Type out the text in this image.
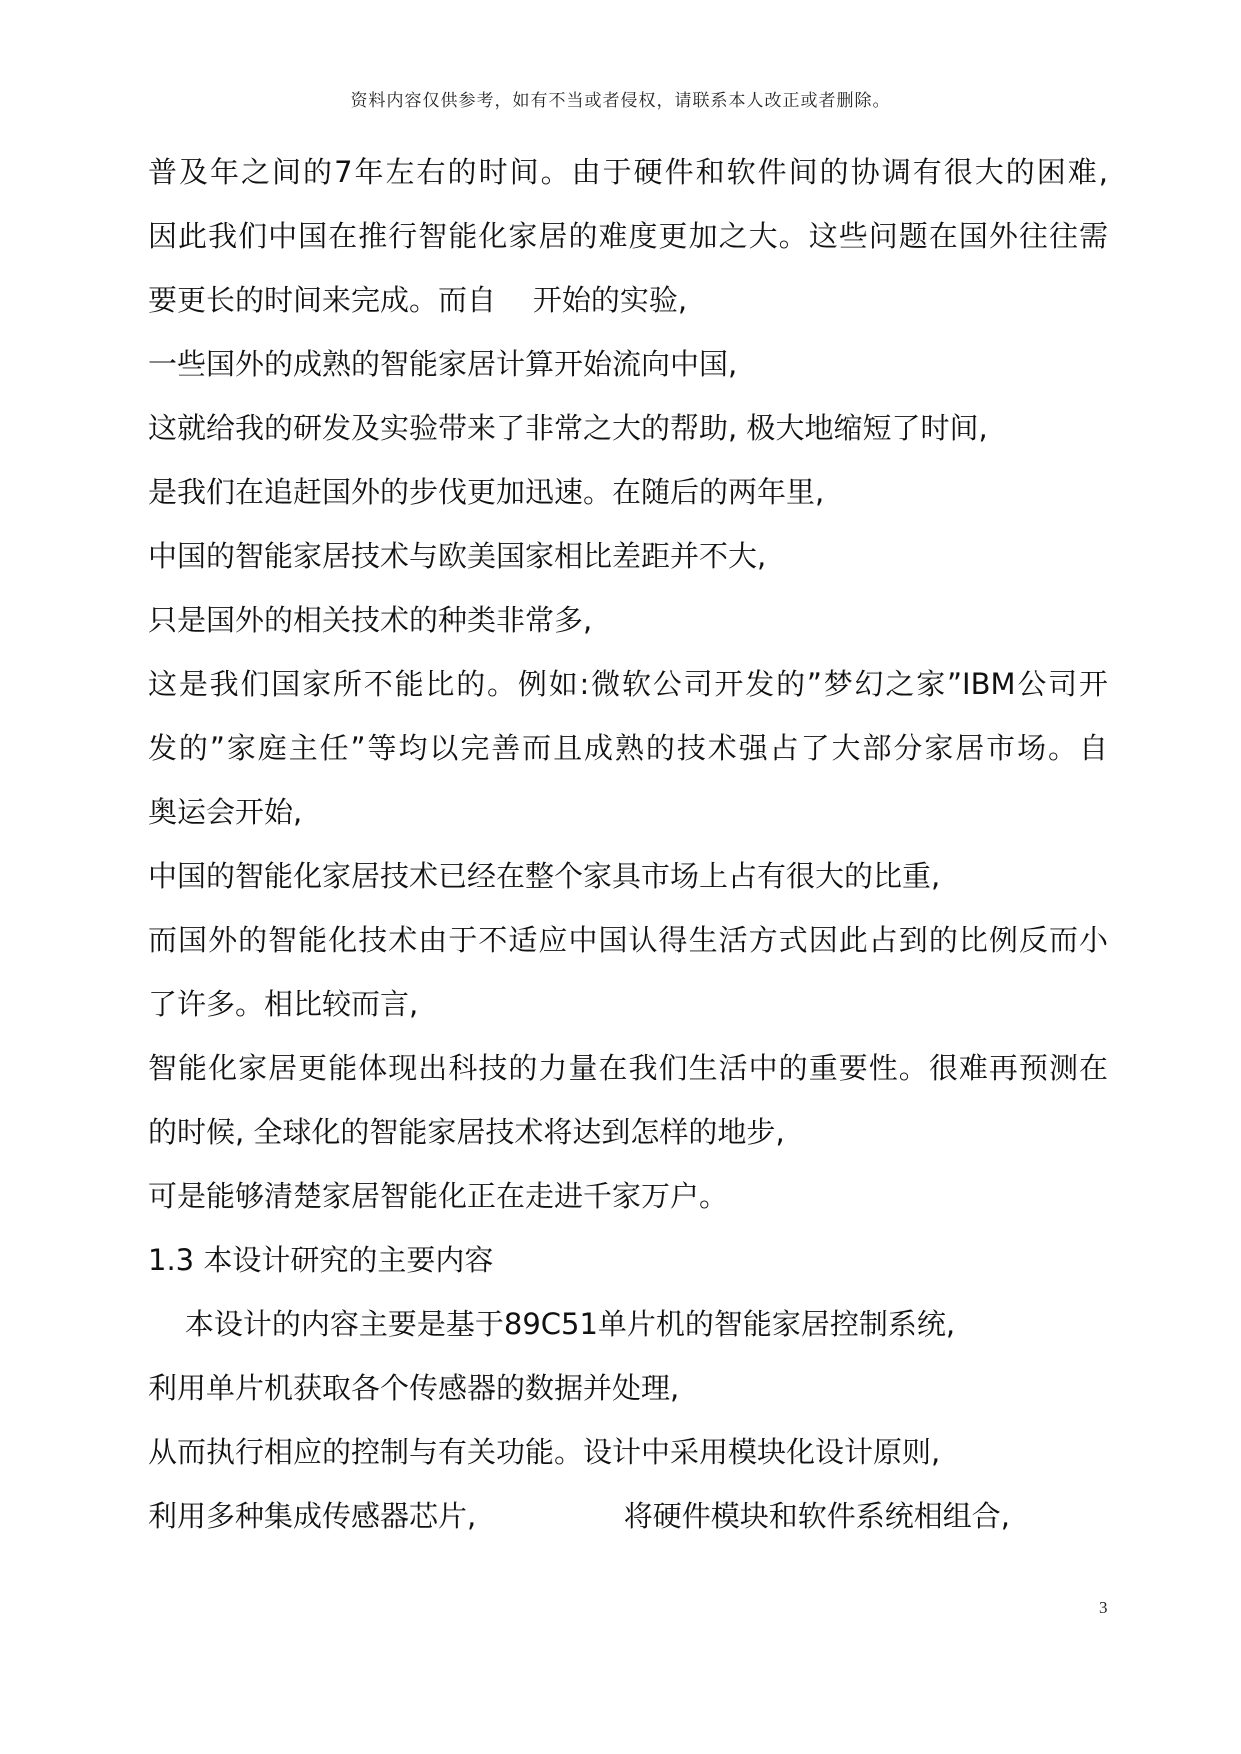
资料内容仅供参考，如有不当或者侵权，请联系本人改正或者删除。
普及年之间的7年左右的时间。由于硬件和软件间的协调有很大的困难,
因此我们中国在推行智能化家居的难度更加之大。这些问题在国外往往需
要更长的时间来完成。而自    开始的实验,
一些国外的成熟的智能家居计算开始流向中国,
这就给我的研发及实验带来了非常之大的帮助, 极大地缩短了时间,
是我们在追赶国外的步伐更加迅速。在随后的两年里,
中国的智能家居技术与欧美国家相比差距并不大,
只是国外的相关技术的种类非常多,
这是我们国家所不能比的。例如:微软公司开发的”梦幻之家”IBM公司开
发的”家庭主任”等均以完善而且成熟的技术强占了大部分家居市场。自
奥运会开始,
中国的智能化家居技术已经在整个家具市场上占有很大的比重,
而国外的智能化技术由于不适应中国认得生活方式因此占到的比例反而小
了许多。相比较而言,
智能化家居更能体现出科技的力量在我们生活中的重要性。很难再预测在
的时候, 全球化的智能家居技术将达到怎样的地步,
可是能够清楚家居智能化正在走进千家万户。
1.3 本设计研究的主要内容
本设计的内容主要是基于89C51单片机的智能家居控制系统,
利用单片机获取各个传感器的数据并处理,
从而执行相应的控制与有关功能。设计中采用模块化设计原则,
利用多种集成传感器芯片,                将硬件模块和软件系统相组合,
3
